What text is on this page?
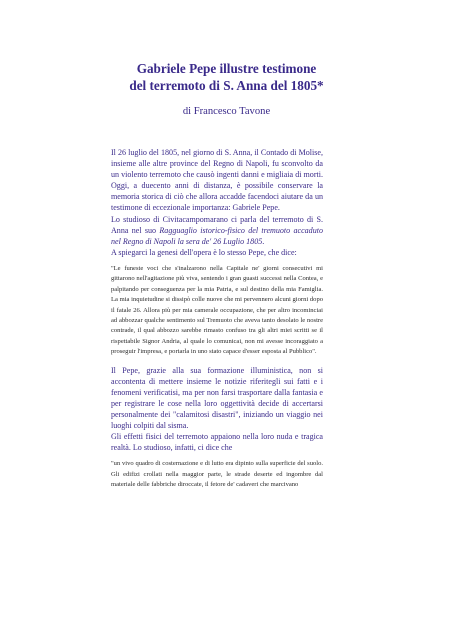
Gabriele Pepe illustre testimone
del terremoto di S. Anna del 1805*
di Francesco Tavone

Il 26 luglio del 1805, nel giorno di S. Anna, il Contado di Molise, insieme alle altre province del Regno di Napoli, fu sconvolto da un violento terremoto che causò ingenti danni e migliaia di morti. Oggi, a duecento anni di distanza, è possibile conservare la memoria storica di ciò che allora accadde facendoci aiutare da un testimone di eccezionale importanza: Gabriele Pepe.

Lo studioso di Civitacampomarano ci parla del terremoto di S. Anna nel suo Ragguaglio istorico-fisico del tremuoto accaduto nel Regno di Napoli la sera de' 26 Luglio 1805.

A spiegarci la genesi dell'opera è lo stesso Pepe, che dice:

"Le funeste voci che s'inalzarono nella Capitale ne' giorni consecutivi mi gittarono nell'agitazione più viva, sentendo i gran guasti successi nella Contea, e palpitando per conseguenza per la mia Patria, e sul destino della mia Famiglia. La mia inquietudine si dissipò colle nuove che mi pervennero alcuni giorni dopo il fatale 26. Allora più per mia camerale occupazione, che per altro incominciai ad abbozzar qualche sentimento sul Tremuoto che aveva tanto desolato le nostre contrade, il qual abbozzo sarebbe rimasto confuso tra gli altri miei scritti se il rispettabile Signor Andria, al quale lo comunicai, non mi avesse incoraggiato a proseguir l'impresa, e portarla in uno stato capace d'esser esposta al Pubblico".

Il Pepe, grazie alla sua formazione illuministica, non si accontenta di mettere insieme le notizie riferitegli sui fatti e i fenomeni verificatisi, ma per non farsi trasportare dalla fantasia e per registrare le cose nella loro oggettività decide di accertarsi personalmente dei "calamitosi disastri", iniziando un viaggio nei luoghi colpiti dal sisma.

Gli effetti fisici del terremoto appaiono nella loro nuda e tragica realtà. Lo studioso, infatti, ci dice che

"un vivo quadro di costernazione e di lutto era dipinto sulla superficie del suolo. Gli edifizi crollati nella maggior parte, le strade deserte ed ingombre dal materiale delle fabbriche diroccate, il fetore de' cadaveri che marcivano
